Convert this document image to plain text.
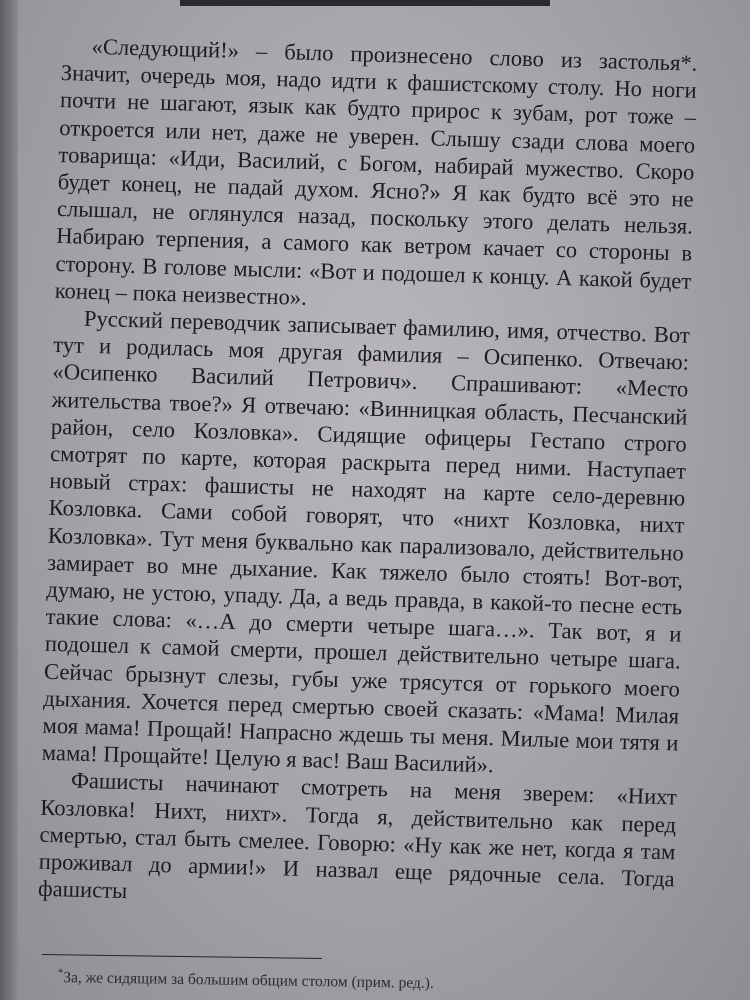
«Следующий!» – было произнесено слово из застолья*. Значит, очередь моя, надо идти к фашистскому столу. Но ноги почти не шагают, язык как будто прирос к зубам, рот тоже – откроется или нет, даже не уверен. Слышу сзади слова моего товарища: «Иди, Василий, с Богом, набирай мужество. Скоро будет конец, не падай духом. Ясно?» Я как будто всё это не слышал, не оглянулся назад, поскольку этого делать нельзя. Набираю терпения, а самого как ветром качает со стороны в сторону. В голове мысли: «Вот и подошел к концу. А какой будет конец – пока неизвестно».

Русский переводчик записывает фамилию, имя, отчество. Вот тут и родилась моя другая фамилия – Осипенко. Отвечаю: «Осипенко Василий Петрович». Спрашивают: «Место жительства твое?» Я отвечаю: «Винницкая область, Песчанский район, село Козловка». Сидящие офицеры Гестапо строго смотрят по карте, которая раскрыта перед ними. Наступает новый страх: фашисты не находят на карте село-деревню Козловка. Сами собой говорят, что «нихт Козловка, нихт Козловка». Тут меня буквально как парализовало, действительно замирает во мне дыхание. Как тяжело было стоять! Вот-вот, думаю, не устою, упаду. Да, а ведь правда, в какой-то песне есть такие слова: «…А до смерти четыре шага…». Так вот, я и подошел к самой смерти, прошел действительно четыре шага. Сейчас брызнут слезы, губы уже трясутся от горького моего дыхания. Хочется перед смертью своей сказать: «Мама! Милая моя мама! Прощай! Напрасно ждешь ты меня. Милые мои тятя и мама! Прощайте! Целую я вас! Ваш Василий».

Фашисты начинают смотреть на меня зверем: «Нихт Козловка! Нихт, нихт». Тогда я, действительно как перед смертью, стал быть смелее. Говорю: «Ну как же нет, когда я там проживал до армии!» И назвал еще рядочные села. Тогда фашисты

*За, же сидящим за большим общим столом (прим. ред.).
